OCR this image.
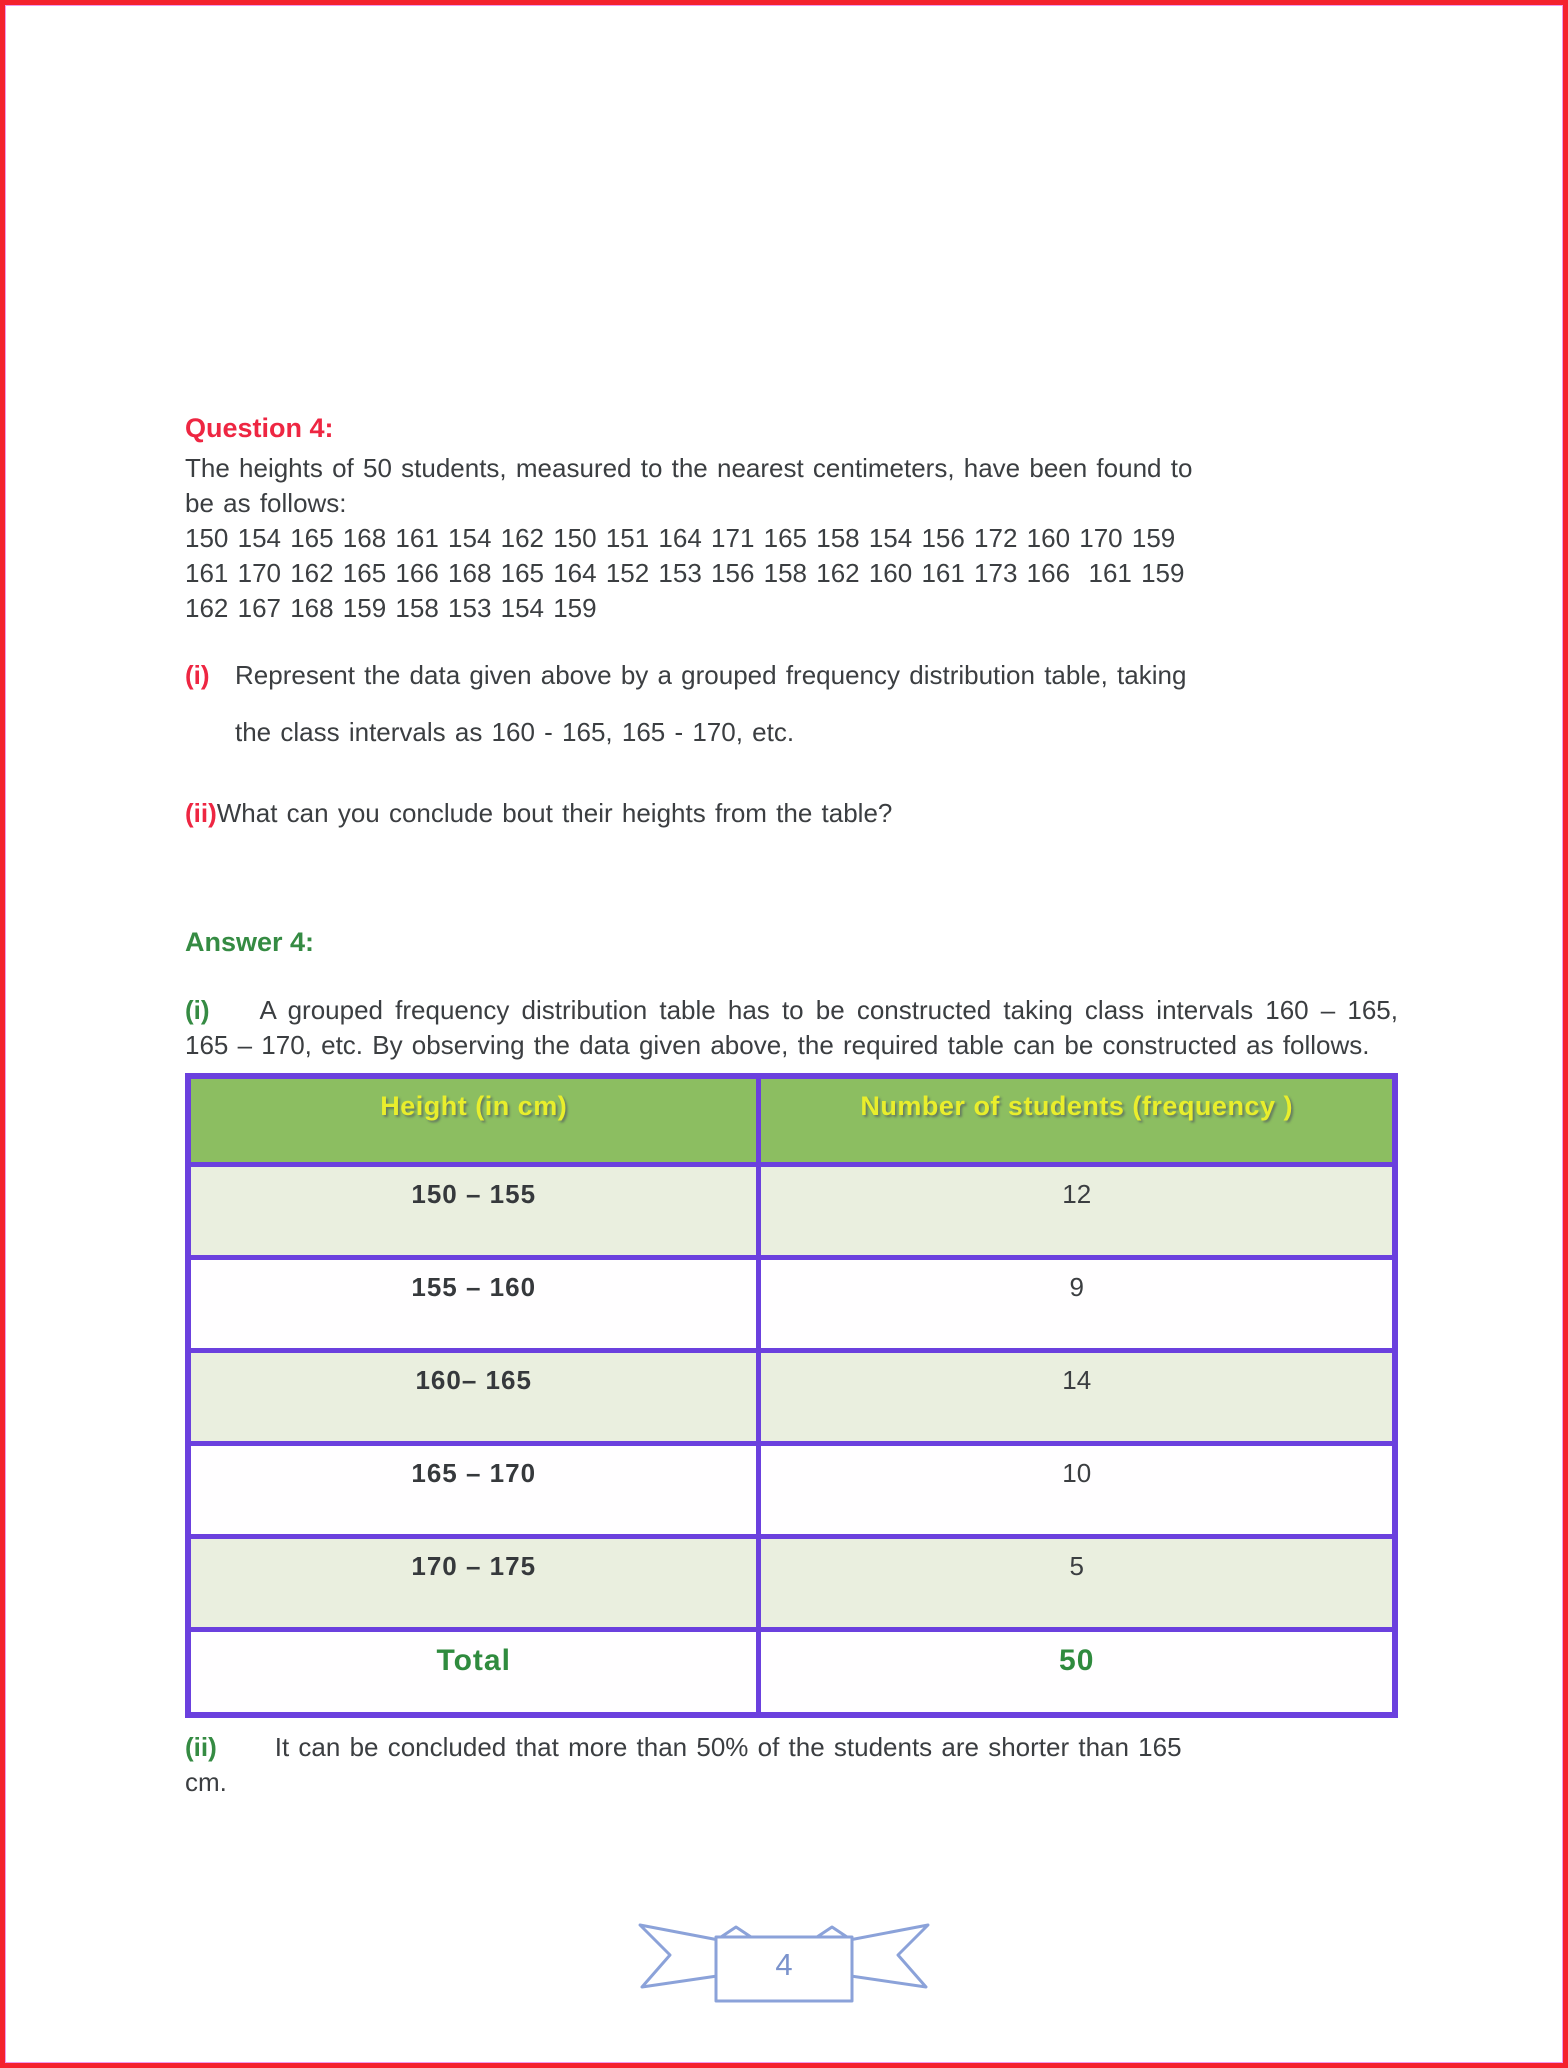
Question 4:
The heights of 50 students, measured to the nearest centimeters, have been found to
be as follows:
150 154 165 168 161 154 162 150 151 164 171 165 158 154 156 172 160 170 159
161 170 162 165 166 168 165 164 152 153 156 158 162 160 161 173 166  161 159
162 167 168 159 158 153 154 159
(i) Represent the data given above by a grouped frequency distribution table, taking
the class intervals as 160 - 165, 165 - 170, etc.

(ii)What can you conclude bout their heights from the table?

Answer 4:

(i) A grouped frequency distribution table has to be constructed taking class intervals 160 – 165, 165 – 170, etc. By observing the data given above, the required table can be constructed as follows.

Height (in cm)	Number of students (frequency )
150 – 155	12
155 – 160	9
160– 165	14
165 – 170	10
170 – 175	5
Total	50

(ii) It can be concluded that more than 50% of the students are shorter than 165
cm.

4
